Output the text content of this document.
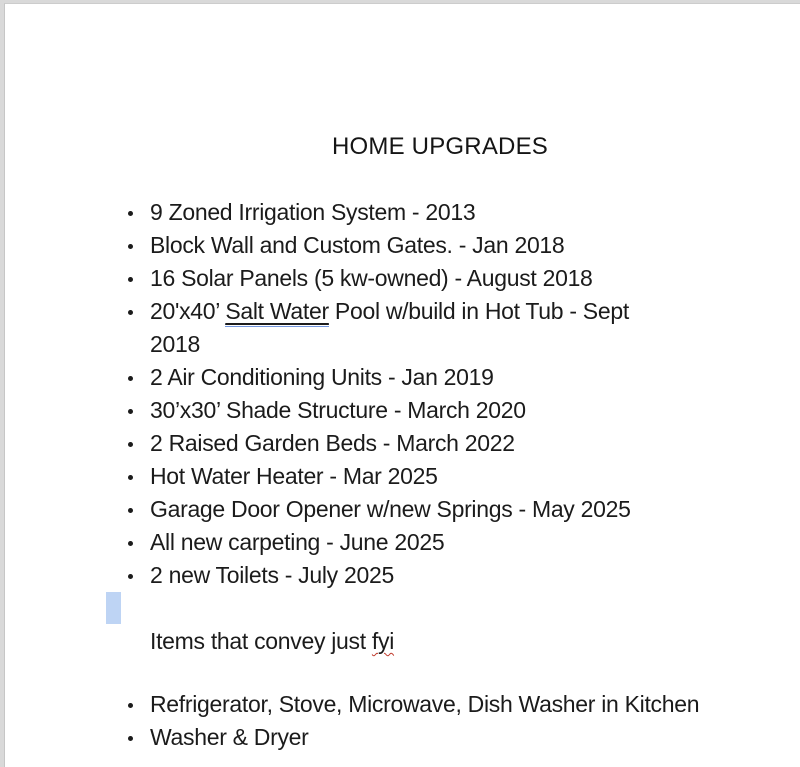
HOME UPGRADES
9 Zoned Irrigation System - 2013
Block Wall and Custom Gates. - Jan 2018
16 Solar Panels (5 kw-owned) - August 2018
20'x40’ Salt Water Pool w/build in Hot Tub - Sept
2018
2 Air Conditioning Units - Jan 2019
30’x30’ Shade Structure - March 2020
2 Raised Garden Beds - March 2022
Hot Water Heater - Mar 2025
Garage Door Opener w/new Springs - May 2025
All new carpeting - June 2025
2 new Toilets - July 2025
Items that convey just fyi
Refrigerator, Stove, Microwave, Dish Washer in Kitchen
Washer & Dryer
